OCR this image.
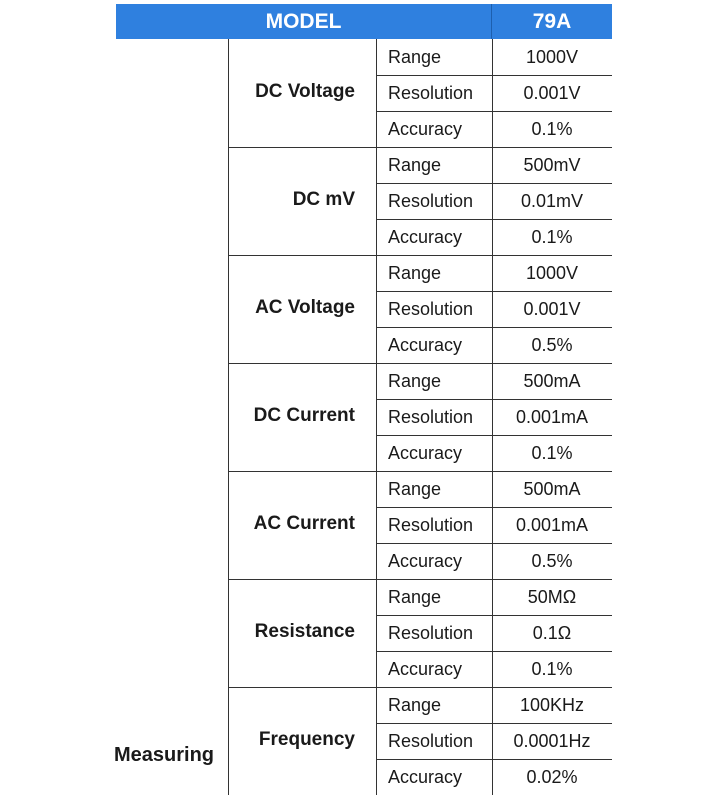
MODEL	79A
DC Voltage
Range	1000V
Resolution	0.001V
Accuracy	0.1%
DC mV
Range	500mV
Resolution	0.01mV
Accuracy	0.1%
AC Voltage
Range	1000V
Resolution	0.001V
Accuracy	0.5%
DC Current
Range	500mA
Resolution	0.001mA
Accuracy	0.1%
AC Current
Range	500mA
Resolution	0.001mA
Accuracy	0.5%
Resistance
Range	50MΩ
Resolution	0.1Ω
Accuracy	0.1%
Frequency
Range	100KHz
Resolution	0.0001Hz
Accuracy	0.02%
Measuring
